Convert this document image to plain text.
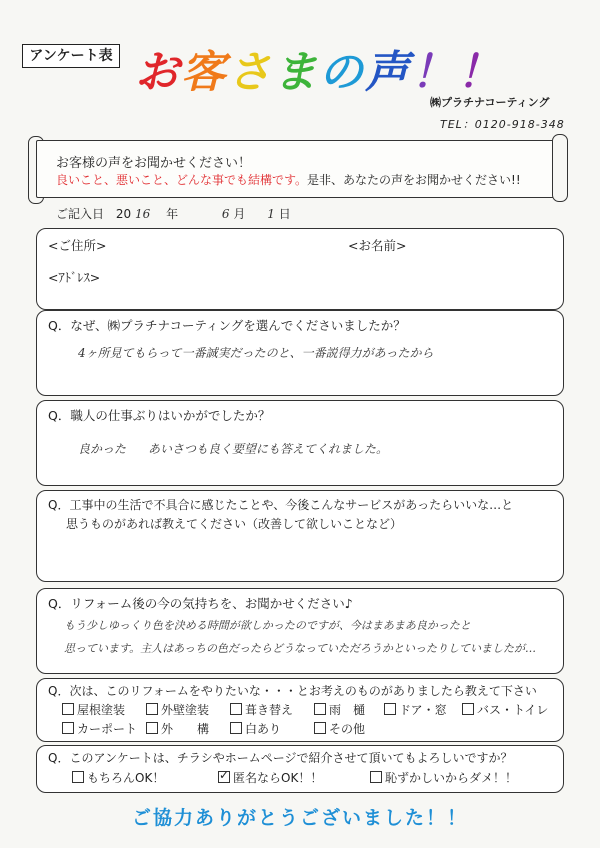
アンケート表 お客さまの声！！
㈱プラチナコーティング
TEL：0120-918-348
お客様の声をお聞かせください！
良いこと、悪いこと、どんな事でも結構です。是非、あなたの声をお聞かせください!!
ご記入日 20 16 年	6 月 1 日
<ご住所>	<お名前>
<ｱﾄﾞﾚｽ>
Q．なぜ、㈱プラチナコーティングを選んでくださいましたか？
4ヶ所見てもらって一番誠実だったのと、一番説得力があったから
Q．職人の仕事ぶりはいかがでしたか？
良かった あいさつも良く要望にも答えてくれました。
Q．工事中の生活で不具合に感じたことや、今後こんなサービスがあったらいいな…と
思うものがあれば教えてください（改善して欲しいことなど）
Q．リフォーム後の今の気持ちを、お聞かせください♪
もう少しゆっくり色を決める時間が欲しかったのですが、今はまあまあ良かったと
思っています。主人はあっちの色だったらどうなっていただろうかといったりしていましたが…
Q．次は、このリフォームをやりたいな・・・とお考えのものがありましたら教えて下さい
屋根塗装	外壁塗装	葺き替え	雨　樋	ドア・窓	バス・トイレ
カーポート	外　　構	白あり	その他
Q．このアンケートは、チラシやホームページで紹介させて頂いてもよろしいですか？
もちろんOK！
✓	匿名ならOK！！	恥ずかしいからダメ！！
ご協力ありがとうございました！！
